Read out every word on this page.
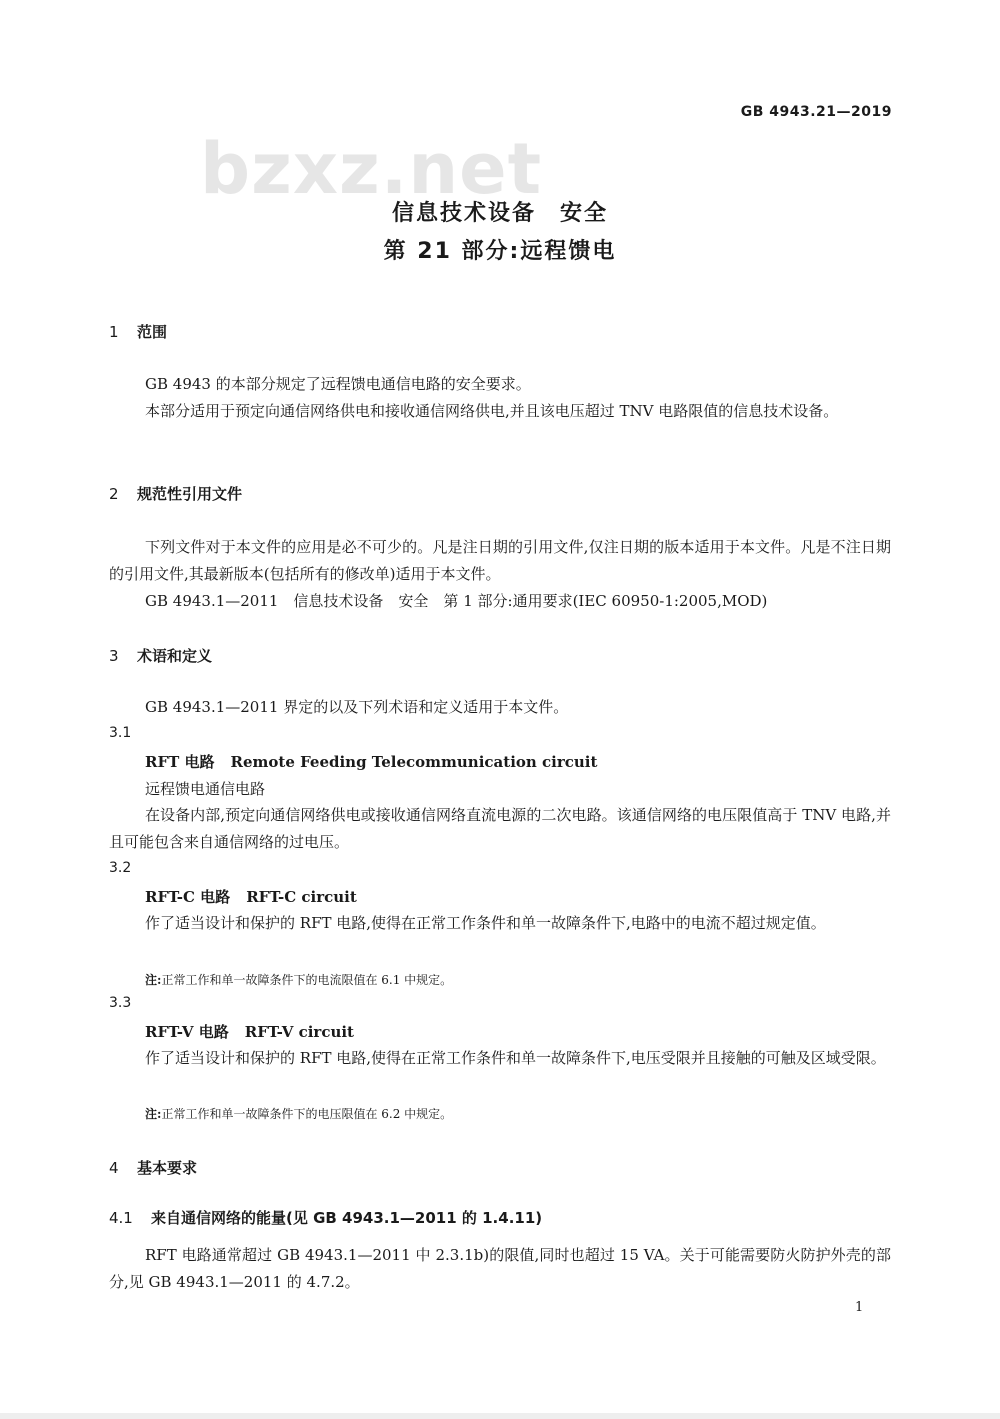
bzxz.net
GB 4943.21—2019
信息技术设备　安全
第 21 部分:远程馈电
1 范围
GB 4943 的本部分规定了远程馈电通信电路的安全要求。
本部分适用于预定向通信网络供电和接收通信网络供电,并且该电压超过 TNV 电路限值的信息技术设备。
2 规范性引用文件
下列文件对于本文件的应用是必不可少的。凡是注日期的引用文件,仅注日期的版本适用于本文件。凡是不注日期的引用文件,其最新版本(包括所有的修改单)适用于本文件。
GB 4943.1—2011　信息技术设备　安全　第 1 部分:通用要求(IEC 60950-1:2005,MOD)
3 术语和定义
GB 4943.1—2011 界定的以及下列术语和定义适用于本文件。
3.1
RFT 电路 Remote Feeding Telecommunication circuit
远程馈电通信电路
在设备内部,预定向通信网络供电或接收通信网络直流电源的二次电路。该通信网络的电压限值高于 TNV 电路,并且可能包含来自通信网络的过电压。
3.2
RFT-C 电路 RFT-C circuit
作了适当设计和保护的 RFT 电路,使得在正常工作条件和单一故障条件下,电路中的电流不超过规定值。
注:正常工作和单一故障条件下的电流限值在 6.1 中规定。
3.3
RFT-V 电路 RFT-V circuit
作了适当设计和保护的 RFT 电路,使得在正常工作条件和单一故障条件下,电压受限并且接触的可触及区域受限。
注:正常工作和单一故障条件下的电压限值在 6.2 中规定。
4 基本要求
4.1 来自通信网络的能量(见 GB 4943.1—2011 的 1.4.11)
RFT 电路通常超过 GB 4943.1—2011 中 2.3.1b)的限值,同时也超过 15 VA。关于可能需要防火防护外壳的部分,见 GB 4943.1—2011 的 4.7.2。
1
